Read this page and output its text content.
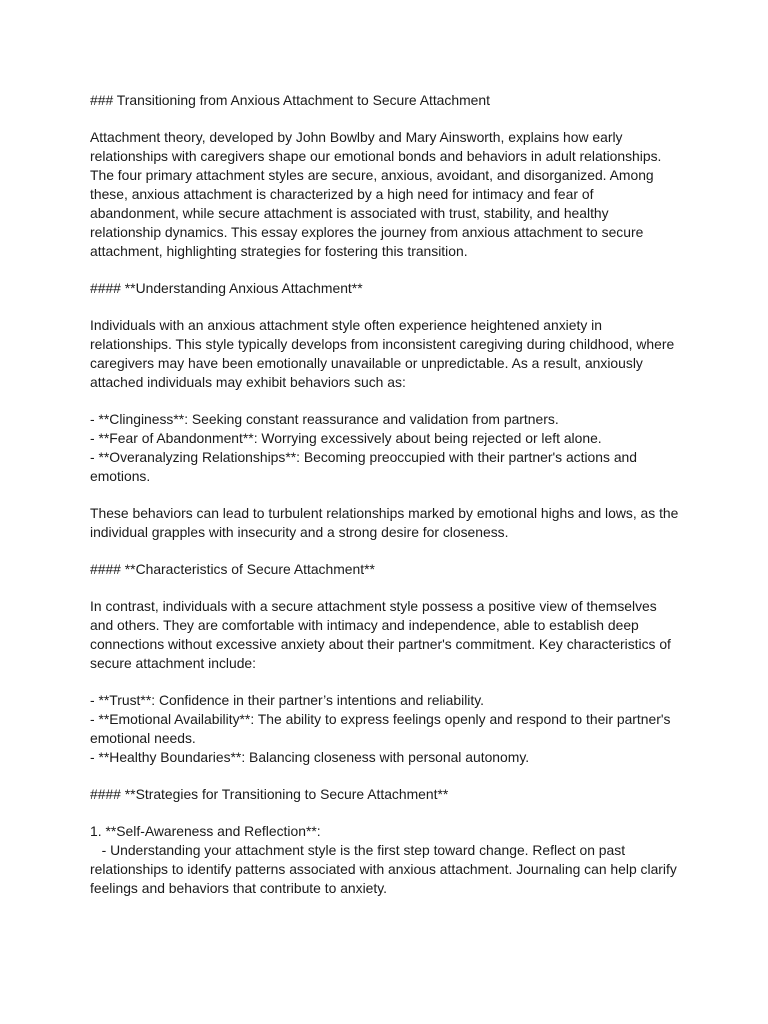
### Transitioning from Anxious Attachment to Secure Attachment
Attachment theory, developed by John Bowlby and Mary Ainsworth, explains how early
relationships with caregivers shape our emotional bonds and behaviors in adult relationships.
The four primary attachment styles are secure, anxious, avoidant, and disorganized. Among
these, anxious attachment is characterized by a high need for intimacy and fear of
abandonment, while secure attachment is associated with trust, stability, and healthy
relationship dynamics. This essay explores the journey from anxious attachment to secure
attachment, highlighting strategies for fostering this transition.
#### **Understanding Anxious Attachment**
Individuals with an anxious attachment style often experience heightened anxiety in
relationships. This style typically develops from inconsistent caregiving during childhood, where
caregivers may have been emotionally unavailable or unpredictable. As a result, anxiously
attached individuals may exhibit behaviors such as:
- **Clinginess**: Seeking constant reassurance and validation from partners.
- **Fear of Abandonment**: Worrying excessively about being rejected or left alone.
- **Overanalyzing Relationships**: Becoming preoccupied with their partner's actions and
emotions.
These behaviors can lead to turbulent relationships marked by emotional highs and lows, as the
individual grapples with insecurity and a strong desire for closeness.
#### **Characteristics of Secure Attachment**
In contrast, individuals with a secure attachment style possess a positive view of themselves
and others. They are comfortable with intimacy and independence, able to establish deep
connections without excessive anxiety about their partner's commitment. Key characteristics of
secure attachment include:
- **Trust**: Confidence in their partner’s intentions and reliability.
- **Emotional Availability**: The ability to express feelings openly and respond to their partner's
emotional needs.
- **Healthy Boundaries**: Balancing closeness with personal autonomy.
#### **Strategies for Transitioning to Secure Attachment**
1. **Self-Awareness and Reflection**:
- Understanding your attachment style is the first step toward change. Reflect on past
relationships to identify patterns associated with anxious attachment. Journaling can help clarify
feelings and behaviors that contribute to anxiety.
